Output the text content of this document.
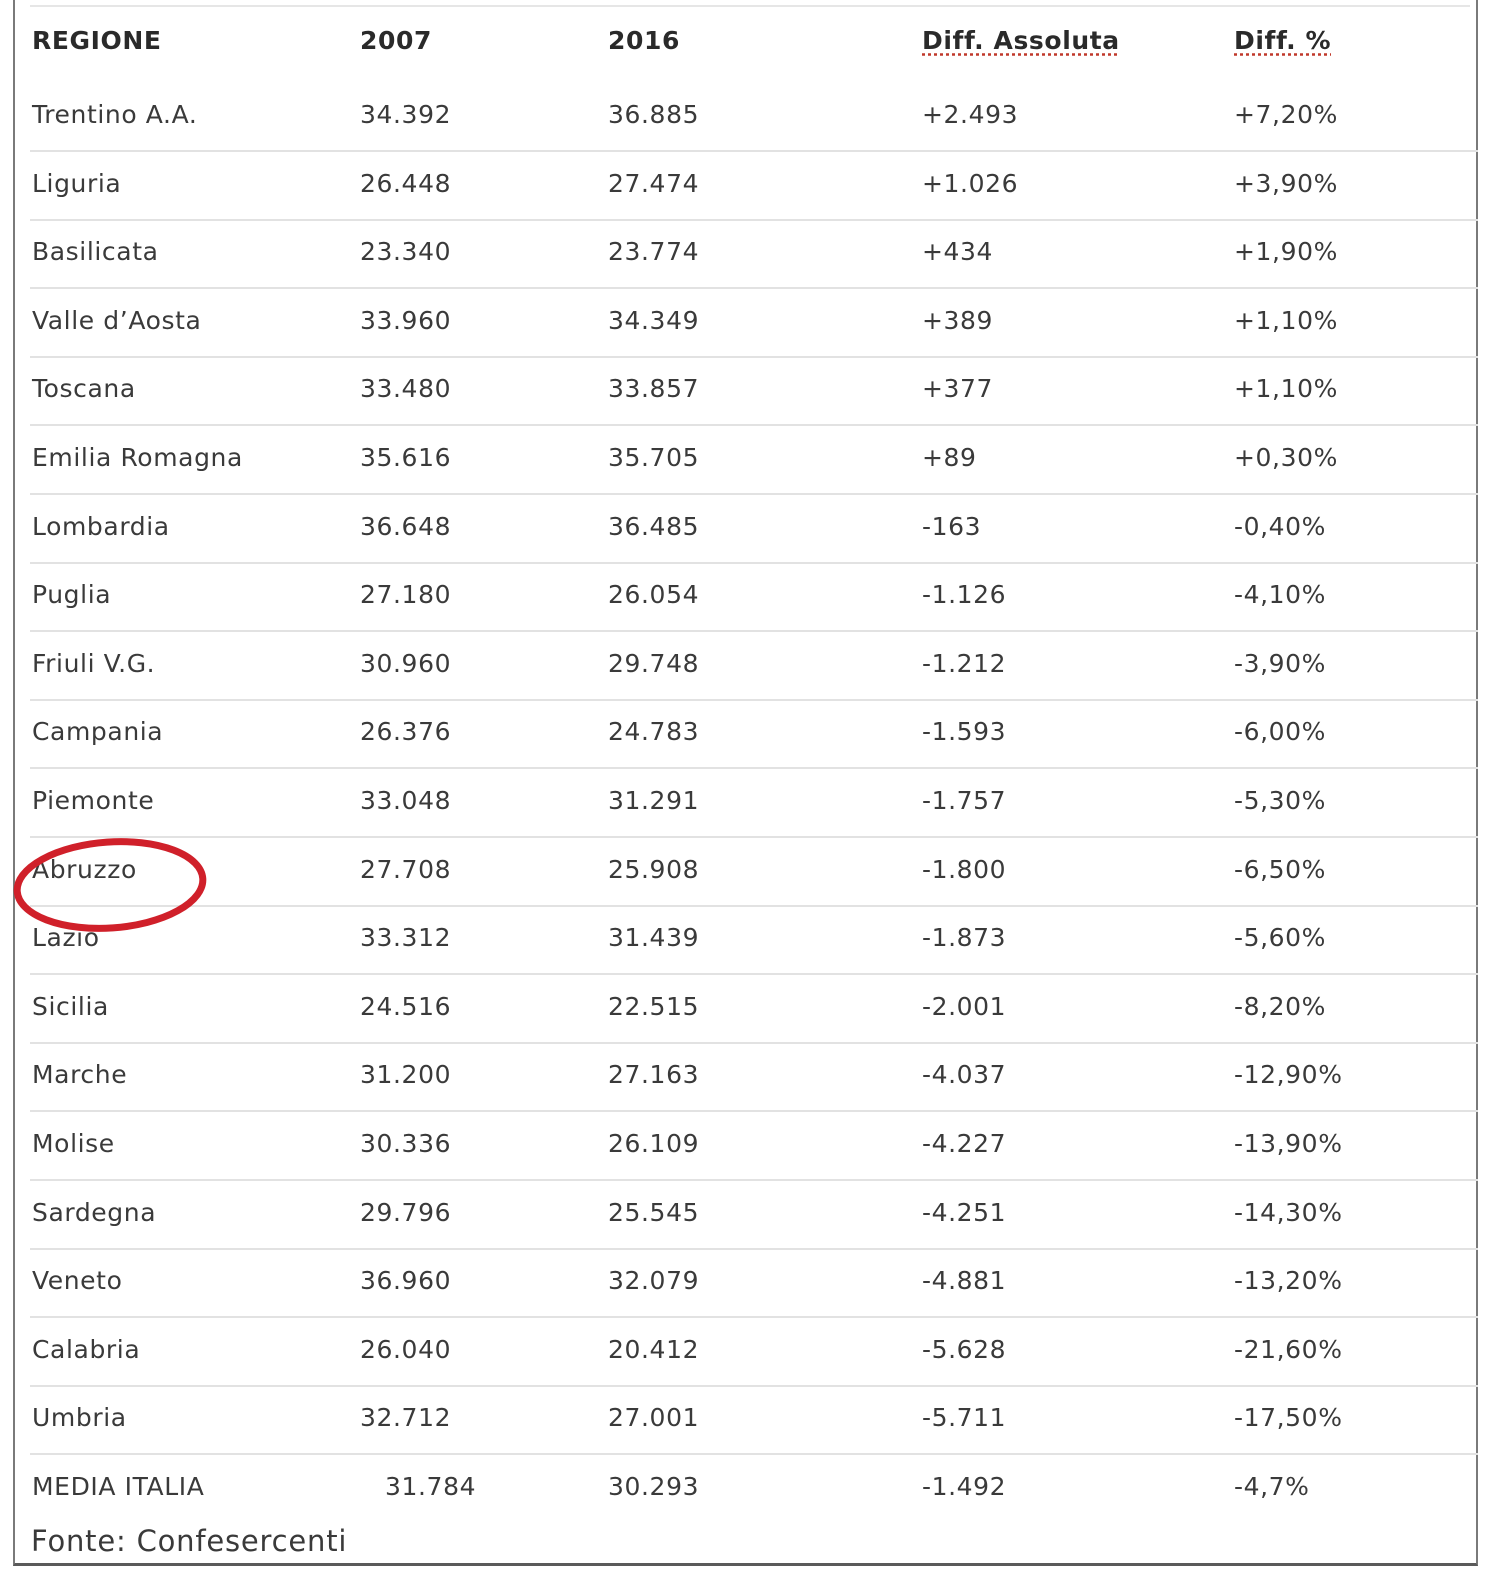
REGIONE	2007	2016	Diff. Assoluta	Diff. %
Trentino A.A.	34.392	36.885	+2.493	+7,20%
Liguria	26.448	27.474	+1.026	+3,90%
Basilicata	23.340	23.774	+434	+1,90%
Valle d’Aosta	33.960	34.349	+389	+1,10%
Toscana	33.480	33.857	+377	+1,10%
Emilia Romagna	35.616	35.705	+89	+0,30%
Lombardia	36.648	36.485	-163	-0,40%
Puglia	27.180	26.054	-1.126	-4,10%
Friuli V.G.	30.960	29.748	-1.212	-3,90%
Campania	26.376	24.783	-1.593	-6,00%
Piemonte	33.048	31.291	-1.757	-5,30%
Abruzzo	27.708	25.908	-1.800	-6,50%
Lazio	33.312	31.439	-1.873	-5,60%
Sicilia	24.516	22.515	-2.001	-8,20%
Marche	31.200	27.163	-4.037	-12,90%
Molise	30.336	26.109	-4.227	-13,90%
Sardegna	29.796	25.545	-4.251	-14,30%
Veneto	36.960	32.079	-4.881	-13,20%
Calabria	26.040	20.412	-5.628	-21,60%
Umbria	32.712	27.001	-5.711	-17,50%
MEDIA ITALIA	31.784	30.293	-1.492	-4,7%
Fonte: Confesercenti
